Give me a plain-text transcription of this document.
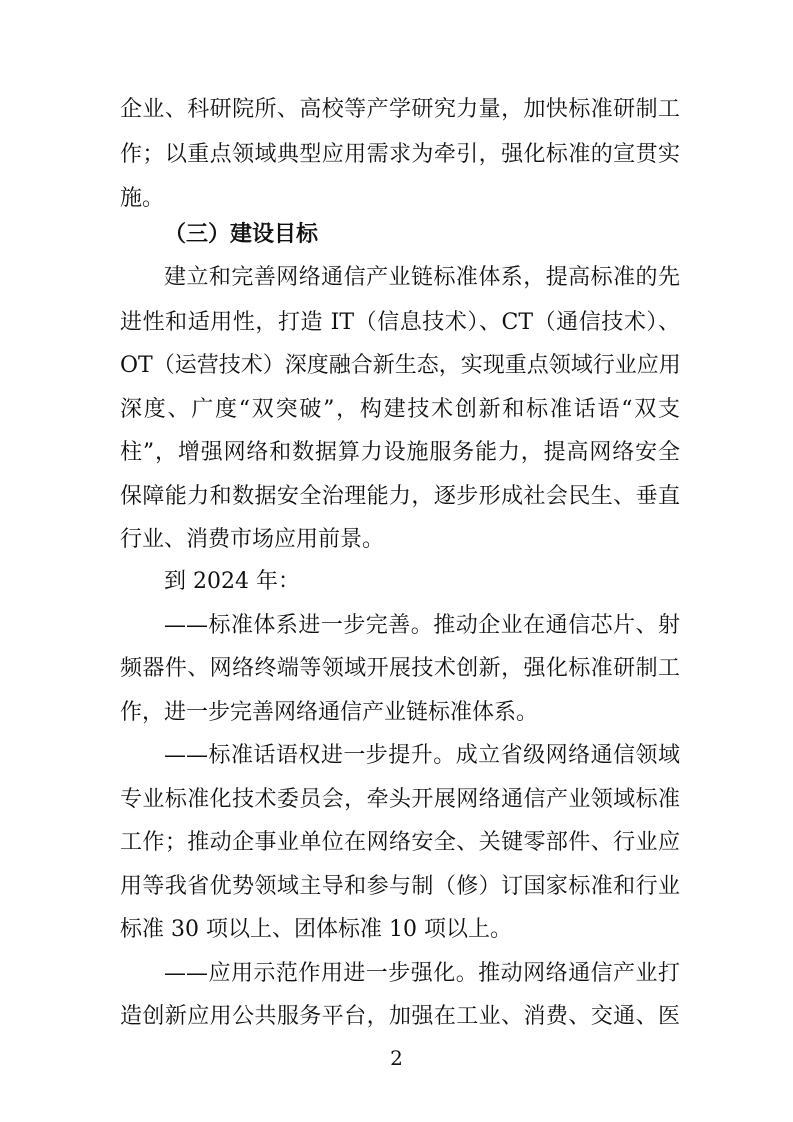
企业、科研院所、高校等产学研究力量，加快标准研制工
作；以重点领域典型应用需求为牵引，强化标准的宣贯实
施。
（三）建设目标
建立和完善网络通信产业链标准体系，提高标准的先
进性和适用性，打造 IT（信息技术）、CT（通信技术）、
OT（运营技术）深度融合新生态，实现重点领域行业应用
深度、广度“双突破”，构建技术创新和标准话语“双支
柱”，增强网络和数据算力设施服务能力，提高网络安全
保障能力和数据安全治理能力，逐步形成社会民生、垂直
行业、消费市场应用前景。
到 2024 年：
——标准体系进一步完善。推动企业在通信芯片、射
频器件、网络终端等领域开展技术创新，强化标准研制工
作，进一步完善网络通信产业链标准体系。
——标准话语权进一步提升。成立省级网络通信领域
专业标准化技术委员会，牵头开展网络通信产业领域标准
工作；推动企事业单位在网络安全、关键零部件、行业应
用等我省优势领域主导和参与制（修）订国家标准和行业
标准 30 项以上、团体标准 10 项以上。
——应用示范作用进一步强化。推动网络通信产业打
造创新应用公共服务平台，加强在工业、消费、交通、医
2
